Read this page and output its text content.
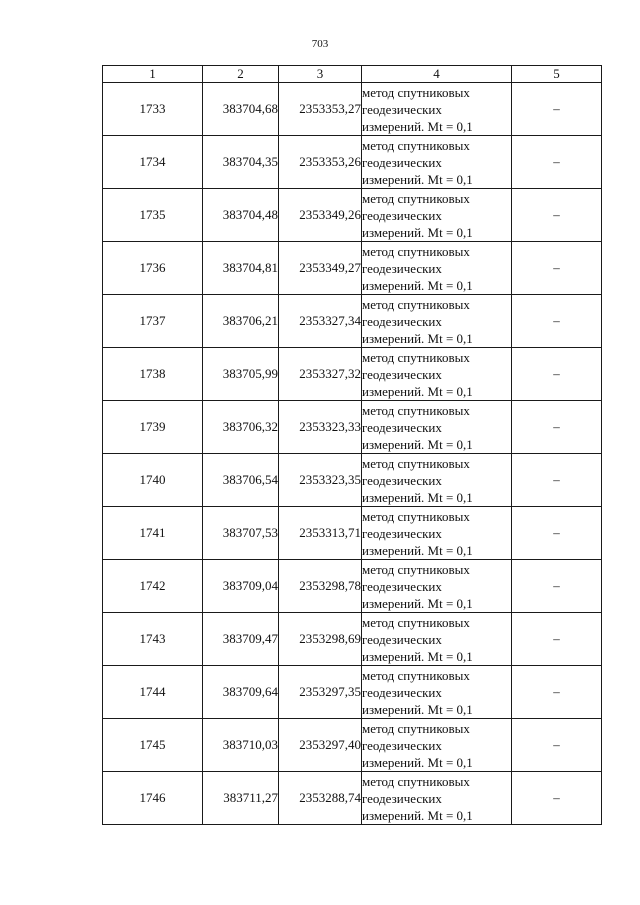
703
1	2	3	4	5
1733	383704,68	2353353,27	метод спутниковых
геодезических
измерений. Mt = 0,1	–
1734	383704,35	2353353,26	метод спутниковых
геодезических
измерений. Mt = 0,1	–
1735	383704,48	2353349,26	метод спутниковых
геодезических
измерений. Mt = 0,1	–
1736	383704,81	2353349,27	метод спутниковых
геодезических
измерений. Mt = 0,1	–
1737	383706,21	2353327,34	метод спутниковых
геодезических
измерений. Mt = 0,1	–
1738	383705,99	2353327,32	метод спутниковых
геодезических
измерений. Mt = 0,1	–
1739	383706,32	2353323,33	метод спутниковых
геодезических
измерений. Mt = 0,1	–
1740	383706,54	2353323,35	метод спутниковых
геодезических
измерений. Mt = 0,1	–
1741	383707,53	2353313,71	метод спутниковых
геодезических
измерений. Mt = 0,1	–
1742	383709,04	2353298,78	метод спутниковых
геодезических
измерений. Mt = 0,1	–
1743	383709,47	2353298,69	метод спутниковых
геодезических
измерений. Mt = 0,1	–
1744	383709,64	2353297,35	метод спутниковых
геодезических
измерений. Mt = 0,1	–
1745	383710,03	2353297,40	метод спутниковых
геодезических
измерений. Mt = 0,1	–
1746	383711,27	2353288,74	метод спутниковых
геодезических
измерений. Mt = 0,1	–
